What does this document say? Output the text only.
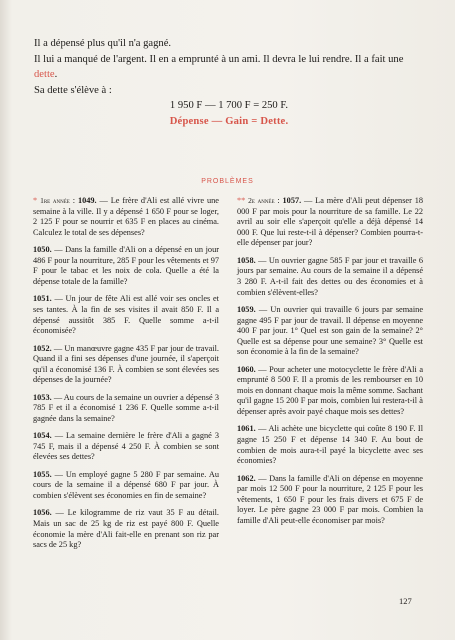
Il a dépensé plus qu'il n'a gagné.

Il lui a manqué de l'argent. Il en a emprunté à un ami. Il devra le lui rendre. Il a fait une dette.

Sa dette s'élève à :

1 950 F — 1 700 F = 250 F.
Dépense — Gain = Dette.
PROBLÈMES
* 1re année : 1049. — Le frère d'Ali est allé vivre une semaine à la ville. Il y a dépensé 1 650 F pour se loger, 2 125 F pour se nourrir et 635 F en places au cinéma. Calculez le total de ses dépenses?
1050. — Dans la famille d'Ali on a dépensé en un jour 486 F pour la nourriture, 285 F pour les vêtements et 97 F pour le tabac et les noix de cola. Quelle a été la dépense totale de la famille?
1051. — Un jour de fête Ali est allé voir ses oncles et ses tantes. À la fin de ses visites il avait 850 F. Il a dépensé aussitôt 385 F. Quelle somme a-t-il économisée?
1052. — Un manœuvre gagne 435 F par jour de travail. Quand il a fini ses dépenses d'une journée, il s'aperçoit qu'il a économisé 136 F. À combien se sont élevées ses dépenses de la journée?
1053. — Au cours de la semaine un ouvrier a dépensé 3 785 F et il a économisé 1 236 F. Quelle somme a-t-il gagnée dans la semaine?
1054. — La semaine dernière le frère d'Ali a gagné 3 745 F, mais il a dépensé 4 250 F. À combien se sont élevées ses dettes?
1055. — Un employé gagne 5 280 F par semaine. Au cours de la semaine il a dépensé 680 F par jour. À combien s'élèvent ses économies en fin de semaine?
1056. — Le kilogramme de riz vaut 35 F au détail. Mais un sac de 25 kg de riz est payé 800 F. Quelle économie la mère d'Ali fait-elle en prenant son riz par sacs de 25 kg?
** 2e année : 1057. — La mère d'Ali peut dépenser 18 000 F par mois pour la nourriture de sa famille. Le 22 avril au soir elle s'aperçoit qu'elle a déjà dépensé 14 000 F. Que lui reste-t-il à dépenser? Combien pourra-t-elle dépenser par jour?
1058. — Un ouvrier gagne 585 F par jour et travaille 6 jours par semaine. Au cours de la semaine il a dépensé 3 280 F. A-t-il fait des dettes ou des économies et à combien s'élèvent-elles?
1059. — Un ouvrier qui travaille 6 jours par semaine gagne 495 F par jour de travail. Il dépense en moyenne 400 F par jour. 1° Quel est son gain de la semaine? 2° Quelle est sa dépense pour une semaine? 3° Quelle est son économie à la fin de la semaine?
1060. — Pour acheter une motocyclette le frère d'Ali a emprunté 8 500 F. Il a promis de les rembourser en 10 mois en donnant chaque mois la même somme. Sachant qu'il gagne 15 200 F par mois, combien lui restera-t-il à dépenser après avoir payé chaque mois ses dettes?
1061. — Ali achète une bicyclette qui coûte 8 190 F. Il gagne 15 250 F et dépense 14 340 F. Au bout de combien de mois aura-t-il payé la bicyclette avec ses économies?
1062. — Dans la famille d'Ali on dépense en moyenne par mois 12 500 F pour la nourriture, 2 125 F pour les vêtements, 1 650 F pour les frais divers et 675 F de loyer. Le père gagne 23 000 F par mois. Combien la famille d'Ali peut-elle économiser par mois?
127
